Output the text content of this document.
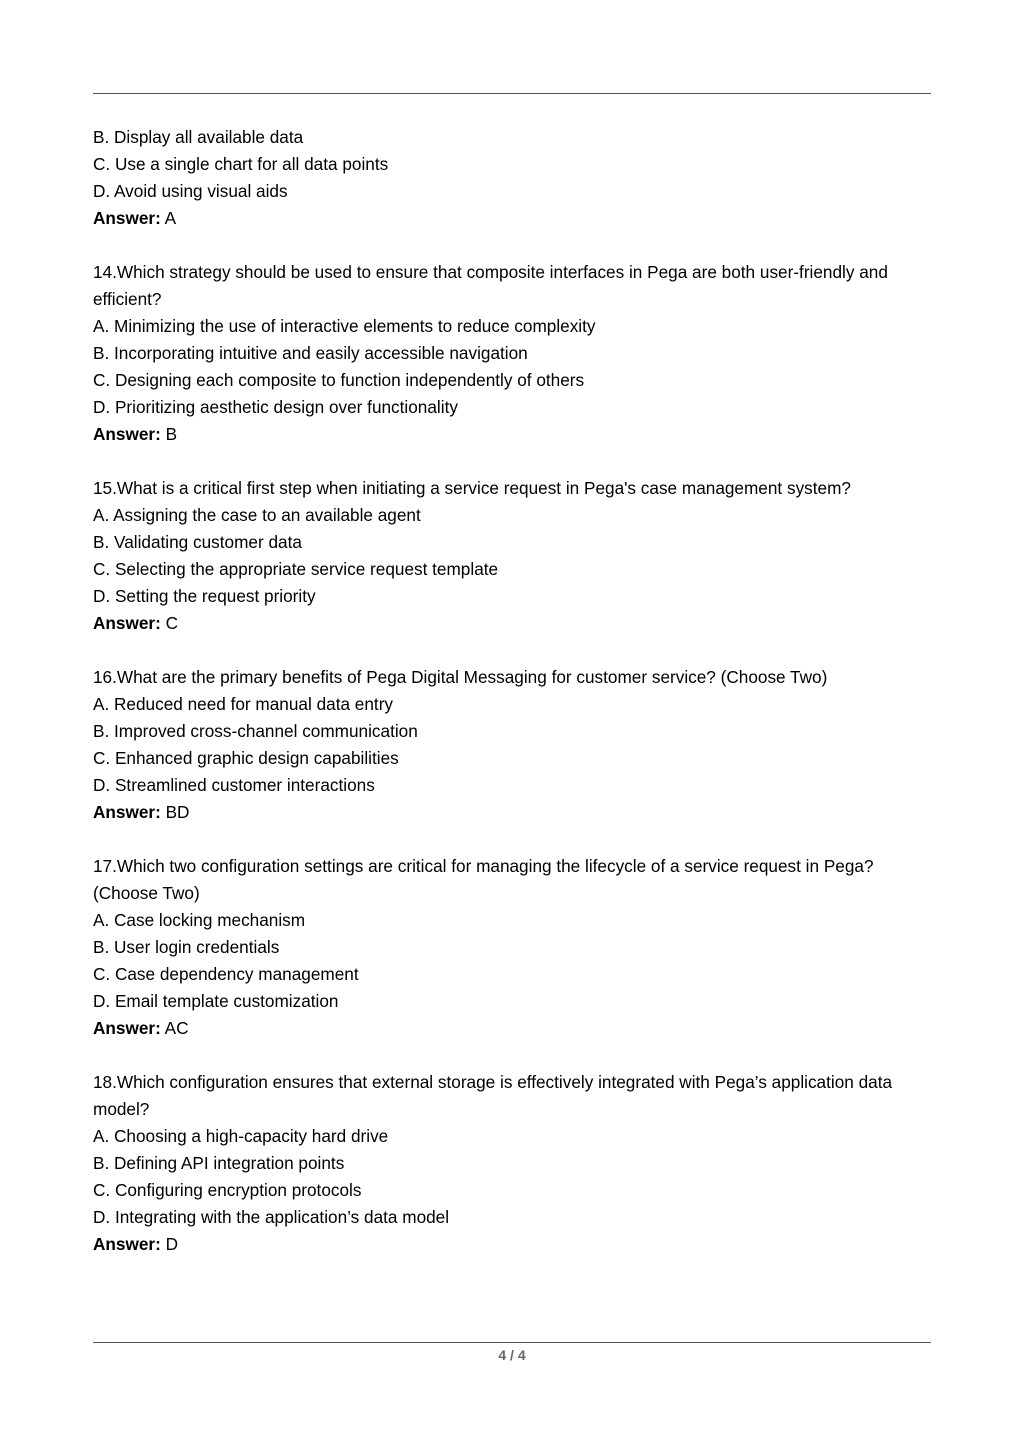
B. Display all available data

C. Use a single chart for all data points

D. Avoid using visual aids

Answer: A

14.Which strategy should be used to ensure that composite interfaces in Pega are both user-friendly and efficient?

A. Minimizing the use of interactive elements to reduce complexity

B. Incorporating intuitive and easily accessible navigation

C. Designing each composite to function independently of others

D. Prioritizing aesthetic design over functionality

Answer: B

15.What is a critical first step when initiating a service request in Pega's case management system?

A. Assigning the case to an available agent

B. Validating customer data

C. Selecting the appropriate service request template

D. Setting the request priority

Answer: C

16.What are the primary benefits of Pega Digital Messaging for customer service? (Choose Two)

A. Reduced need for manual data entry

B. Improved cross-channel communication

C. Enhanced graphic design capabilities

D. Streamlined customer interactions

Answer: BD

17.Which two configuration settings are critical for managing the lifecycle of a service request in Pega? (Choose Two)

A. Case locking mechanism

B. User login credentials

C. Case dependency management

D. Email template customization

Answer: AC

18.Which configuration ensures that external storage is effectively integrated with Pega’s application data model?

A. Choosing a high-capacity hard drive

B. Defining API integration points

C. Configuring encryption protocols

D. Integrating with the application’s data model

Answer: D

4 / 4
